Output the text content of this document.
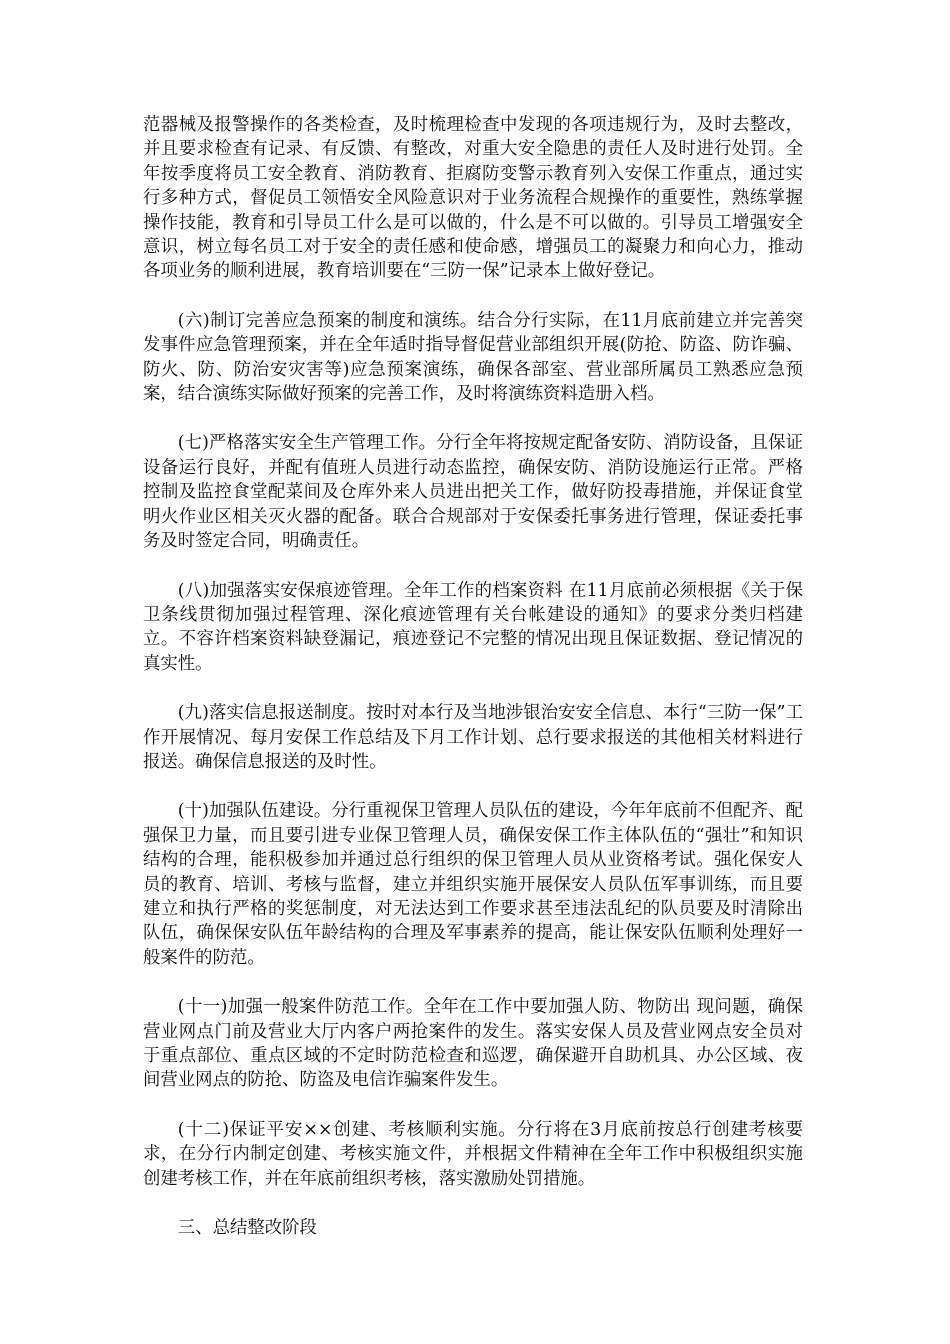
范器械及报警操作的各类检查，及时梳理检查中发现的各项违规行为，及时去整改，并且要求检查有记录、有反馈、有整改，对重大安全隐患的责任人及时进行处罚。全年按季度将员工安全教育、消防教育、拒腐防变警示教育列入安保工作重点，通过实行多种方式，督促员工领悟安全风险意识对于业务流程合规操作的重要性，熟练掌握操作技能，教育和引导员工什么是可以做的，什么是不可以做的。引导员工增强安全意识，树立每名员工对于安全的责任感和使命感，增强员工的凝聚力和向心力，推动各项业务的顺利进展，教育培训要在“三防一保”记录本上做好登记。

(六)制订完善应急预案的制度和演练。结合分行实际，在11月底前建立并完善突发事件应急管理预案，并在全年适时指导督促营业部组织开展(防抢、防盗、防诈骗、防火、防、防治安灾害等)应急预案演练，确保各部室、营业部所属员工熟悉应急预案，结合演练实际做好预案的完善工作，及时将演练资料造册入档。

(七)严格落实安全生产管理工作。分行全年将按规定配备安防、消防设备，且保证设备运行良好，并配有值班人员进行动态监控，确保安防、消防设施运行正常。严格控制及监控食堂配菜间及仓库外来人员进出把关工作，做好防投毒措施，并保证食堂明火作业区相关灭火器的配备。联合合规部对于安保委托事务进行管理，保证委托事务及时签定合同，明确责任。

(八)加强落实安保痕迹管理。全年工作的档案资料 在11月底前必须根据《关于保卫条线贯彻加强过程管理、深化痕迹管理有关台帐建设的通知》的要求分类归档建立。不容许档案资料缺登漏记，痕迹登记不完整的情况出现且保证数据、登记情况的真实性。

(九)落实信息报送制度。按时对本行及当地涉银治安安全信息、本行“三防一保”工作开展情况、每月安保工作总结及下月工作计划、总行要求报送的其他相关材料进行报送。确保信息报送的及时性。

(十)加强队伍建设。分行重视保卫管理人员队伍的建设，今年年底前不但配齐、配强保卫力量，而且要引进专业保卫管理人员，确保安保工作主体队伍的“强壮”和知识结构的合理，能积极参加并通过总行组织的保卫管理人员从业资格考试。强化保安人员的教育、培训、考核与监督，建立并组织实施开展保安人员队伍军事训练，而且要建立和执行严格的奖惩制度，对无法达到工作要求甚至违法乱纪的队员要及时清除出队伍，确保保安队伍年龄结构的合理及军事素养的提高，能让保安队伍顺利处理好一般案件的防范。

(十一)加强一般案件防范工作。全年在工作中要加强人防、物防出 现问题，确保营业网点门前及营业大厅内客户两抢案件的发生。落实安保人员及营业网点安全员对于重点部位、重点区域的不定时防范检查和巡逻，确保避开自助机具、办公区域、夜间营业网点的防抢、防盗及电信诈骗案件发生。

(十二)保证平安××创建、考核顺利实施。分行将在3月底前按总行创建考核要求，在分行内制定创建、考核实施文件，并根据文件精神在全年工作中积极组织实施创建考核工作，并在年底前组织考核，落实激励处罚措施。

三、总结整改阶段
